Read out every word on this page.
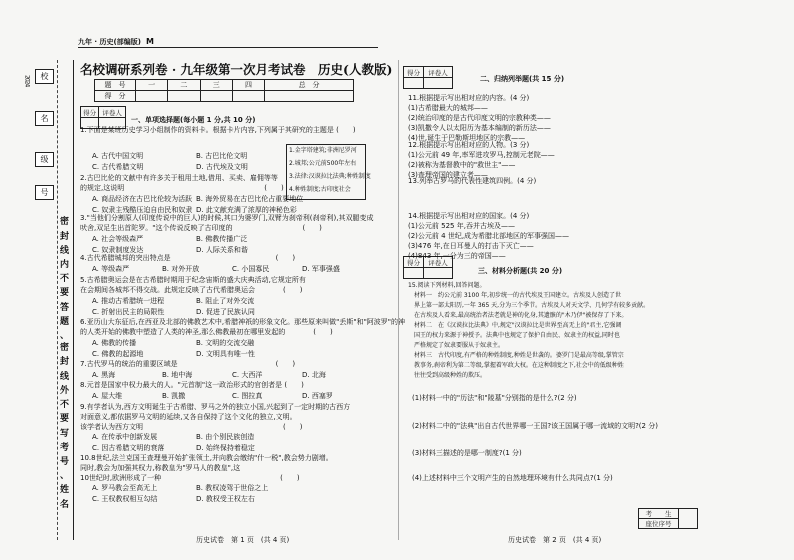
2024	校
名
级
号
密
封
线
内
不
要
答
题
、
密
封
线
外
不
要
写
考
号
、
姓
名
九年 · 历史(部编版) M
名校调研系列卷 · 九年级第一次月考试卷　历史(人教版)
题　号	一	二	三	四	总　分
得　分					
得分	评卷人

一、单项选择题(每小题 1 分,共 10 分)
1.金字塔建筑;非洲尼罗河
2.城邦;公元前500年左右
3.法律:汉谟拉比法典;种姓制度
4.种姓制度;古印度社会
1.下面是某班历史学习小组制作的资料卡。根据卡片内容,下列属于其研究的主题是 (　　)
A. 古代中国文明	B. 古巴比伦文明
C. 古代希腊文明	D. 古代埃及文明
2.古巴比伦的文献中有许多关于租用土地,借用、买卖、雇佣等等
的规定,这说明　　　　　　　　　　　　　　　　　　　　(　　)
A. 商品经济在古巴比伦较为活跃 B. 海外贸易在古巴比伦占重要地位
C. 奴隶主残酷压迫自由民和奴隶 D. 此文献充满了浓厚的神秘色彩
3."当他们分割原人(印度传说中的巨人)的时候,其口为婆罗门,双臂为刹帝利(刹帝利),其双腿变成
吠舍,双足生出首陀罗。"这个传说反映了古印度的　　　　　　　　　　(　　)
A. 社会等级森严	B. 佛教传播广泛
C. 奴隶制度发达	D. 人际关系和谐
4.古代希腊城邦的突出特点是　　　　　　　　　　　　　　　(　　)
A. 等级森严	B. 对外开放	C. 小国寡民	D. 军事强盛
5.古希腊奥运会是在古希腊时期用于纪念宙斯的盛大庆典活动,它规定所有
在会期间各城邦不得交战。此规定反映了古代希腊奥运会　　　　(　　)
A. 推动古希腊统一进程	B. 阻止了对外交流
C. 折射出民主的局限性	D. 促进了民族认同
6.亚历山大东征后,在西亚及北部的佛教艺术中,希腊神祇的形象文化。那些原来叫做"丢斯"和"阿波罗"的神
的人类开始的佛教中塑造了人类的神圣,那么佛教最初在哪里发起的　　　　(　　)
A. 佛教的传播	B. 文明的交流交融
C. 佛教的起源地	D. 文明具有唯一性
7.古代罗马的统治的重要区域是　　　　　　　　　　　　　　(　　)
A. 黑海	B. 地中海	C. 大西洋	D. 北海
8.元首是国家中权力最大的人。"元首制"这一政治形式的官创者是 (　　)
A. 屋大维	B. 凯撒	C. 图拉真	D. 西塞罗
9.有学者认为,西方文明诞生于古希腊、罗马之外的独立小国,兴起到了一定时期的古西方
对面意义,都依据罗马文明的延续,又各自保持了这个文化的独立,文明。
该学者认为西方文明　　　　　　　　　　　　　　　　　　　　(　　)
A. 在传承中创新发展	B. 由个别民族创造
C. 因古希腊文明的衰落	D. 始终保持着稳定
10.8世纪,法兰克国王查理曼开始扩张领土,并向教会缴纳"什一税",教会势力剧增。
同时,教会为加强其权力,称教皇为"罗马人的教皇",这
10世纪时,欧洲形成了一种　　　　　　　　　　　　　　　　　(　　)
A. 罗马教会至高无上	B. 教权凌驾于世俗之上
C. 王权教权相互勾结	D. 教权受王权左右
历史试卷　第 1 页　(共 4 页)
得分	评卷人

二、归纳列举题(共 15 分)
得分	评卷人

三、材料分析题(共 20 分)
11.根据提示写出相对应的内容。(4 分)
(1)古希腊最大的城邦——
(2)统治印度的是古代印度文明的宗教种类——
(3)凯撒令人以太阳历为基本编制的新历法——
(4)世,诞生于巴勒斯坦地区的宗教——
12.根据提示写出相对应的人物。(3 分)
(1)公元前 49 年,率军进攻罗马,控制元老院——
(2)被称为基督教中的"救世主"——
(3)查理帝国的建立者——
13.列举古罗马的代表性建筑四例。(4 分)
14.根据提示写出相对应的国家。(4 分)
(1)公元前 525 年,吞并古埃及——
(2)公元前 4 世纪,成为希腊北部地区的军事强国——
(3)476 年,在日耳曼人的打击下灭亡——
(4)843 年,一分为三的帝国——
15.阅读下列材料,回答问题。
材料一　约公元前 3100 年,初步统一的古代埃及王国建立。古埃及人创造了世
界上第一部太阳历,一年 365 天,分为三个季节。古埃及人对天文学、几何学有较多贡献。
在古埃及人看来,最高统治者法老就是神的化身,其遗骸的"木乃伊"被保存了下来。
材料二　在《汉谟拉比法典》中,规定"汉谟拉比是世界至高无上的"君主,它强调
国王的权力来源于神授予。法典中也规定了保护自由民、奴隶主的权益,同时也
严格规定了奴隶要服从于奴隶主。
材料三　古代印度,有严格的种姓制度,种姓是世袭的。婆罗门是最高等级,掌管宗
教事务,刹帝利为第二等级,掌握着军政大权。在这种制度之下,社会中的低级种姓
往往受到高级种姓的欺压。
(1)材料一中的"历法"和"陵墓"分别指的是什么?(2 分)
(2)材料二中的"法典"出自古代世界哪一王国?该王国属于哪一流域的文明?(2 分)
(3)材料三描述的是哪一制度?(1 分)
(4)上述材料中三个文明产生的自然地理环境有什么共同点?(1 分)
考　　生	
座位序号
历史试卷　第 2 页　(共 4 页)
